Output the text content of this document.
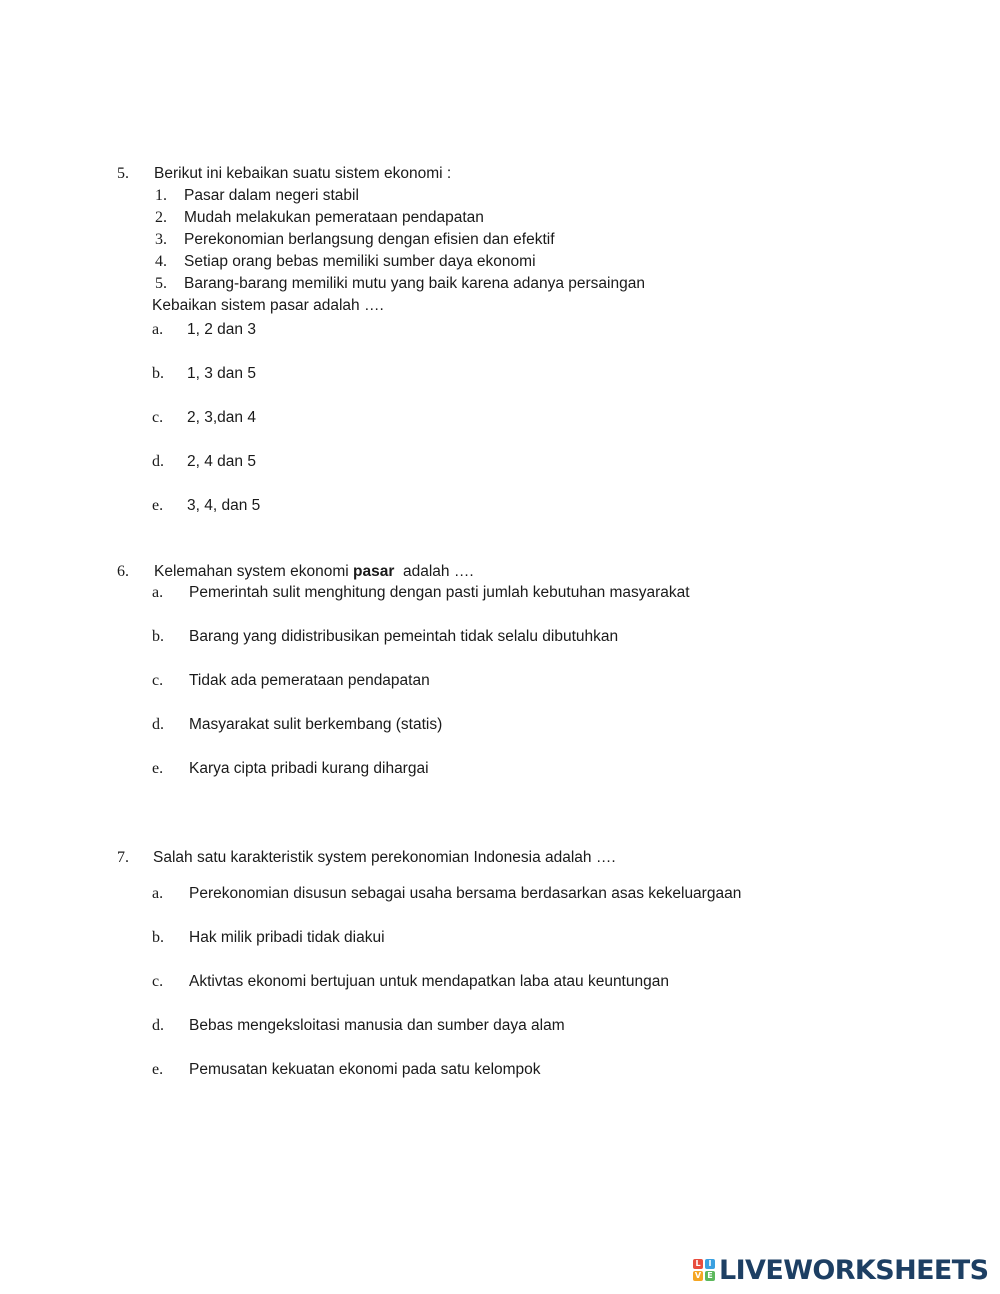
5. Berikut ini kebaikan suatu sistem ekonomi :
1. Pasar dalam negeri stabil
2. Mudah melakukan pemerataan pendapatan
3. Perekonomian berlangsung dengan efisien dan efektif
4. Setiap orang bebas memiliki sumber daya ekonomi
5. Barang-barang memiliki mutu yang baik karena adanya persaingan
Kebaikan sistem pasar adalah ….
a. 1, 2 dan 3
b. 1, 3 dan 5
c. 2, 3,dan 4
d. 2, 4 dan 5
e. 3, 4, dan 5
6. Kelemahan system ekonomi pasar  adalah ….
a. Pemerintah sulit menghitung dengan pasti jumlah kebutuhan masyarakat
b. Barang yang didistribusikan pemeintah tidak selalu dibutuhkan
c. Tidak ada pemerataan pendapatan
d. Masyarakat sulit berkembang (statis)
e. Karya cipta pribadi kurang dihargai
7. Salah satu karakteristik system perekonomian Indonesia adalah ….
a. Perekonomian disusun sebagai usaha bersama berdasarkan asas kekeluargaan
b. Hak milik pribadi tidak diakui
c. Aktivtas ekonomi bertujuan untuk mendapatkan laba atau keuntungan
d. Bebas mengeksloitasi manusia dan sumber daya alam
e. Pemusatan kekuatan ekonomi pada satu kelompok
L I
V E LIVEWORKSHEETS
